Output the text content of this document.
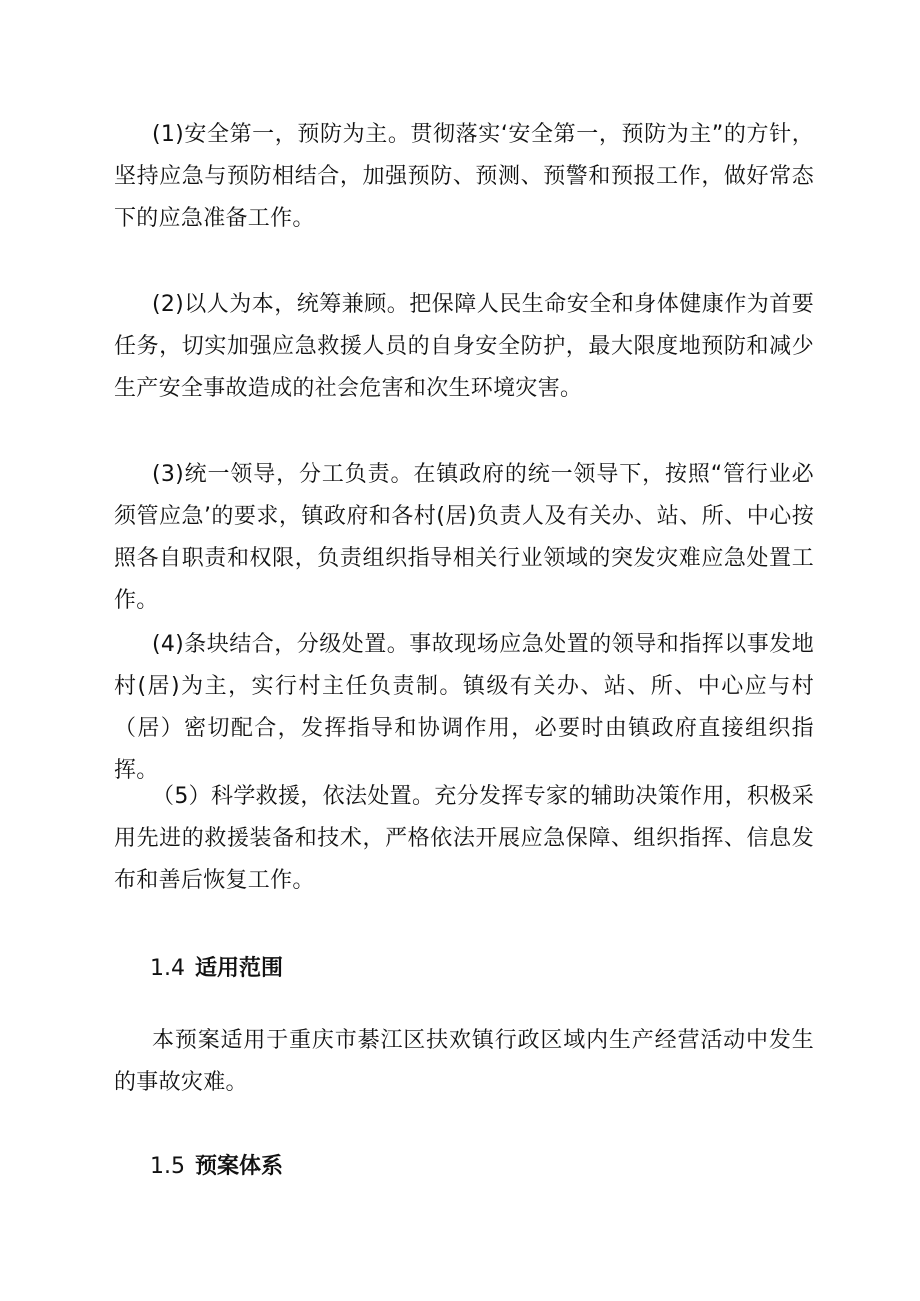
(1)安全第一，预防为主。贯彻落实‘安全第一，预防为主”的方针，坚持应急与预防相结合，加强预防、预测、预警和预报工作，做好常态下的应急准备工作。

(2)以人为本，统筹兼顾。把保障人民生命安全和身体健康作为首要任务，切实加强应急救援人员的自身安全防护，最大限度地预防和减少生产安全事故造成的社会危害和次生环境灾害。

(3)统一领导，分工负责。在镇政府的统一领导下，按照“管行业必须管应急’的要求，镇政府和各村(居)负责人及有关办、站、所、中心按照各自职责和权限，负责组织指导相关行业领域的突发灾难应急处置工作。

(4)条块结合，分级处置。事故现场应急处置的领导和指挥以事发地村(居)为主，实行村主任负责制。镇级有关办、站、所、中心应与村（居）密切配合，发挥指导和协调作用，必要时由镇政府直接组织指挥。

（5）科学救援，依法处置。充分发挥专家的辅助决策作用，积极采用先进的救援装备和技术，严格依法开展应急保障、组织指挥、信息发布和善后恢复工作。

1.4 适用范围

本预案适用于重庆市綦江区扶欢镇行政区域内生产经营活动中发生的事故灾难。

1.5 预案体系
